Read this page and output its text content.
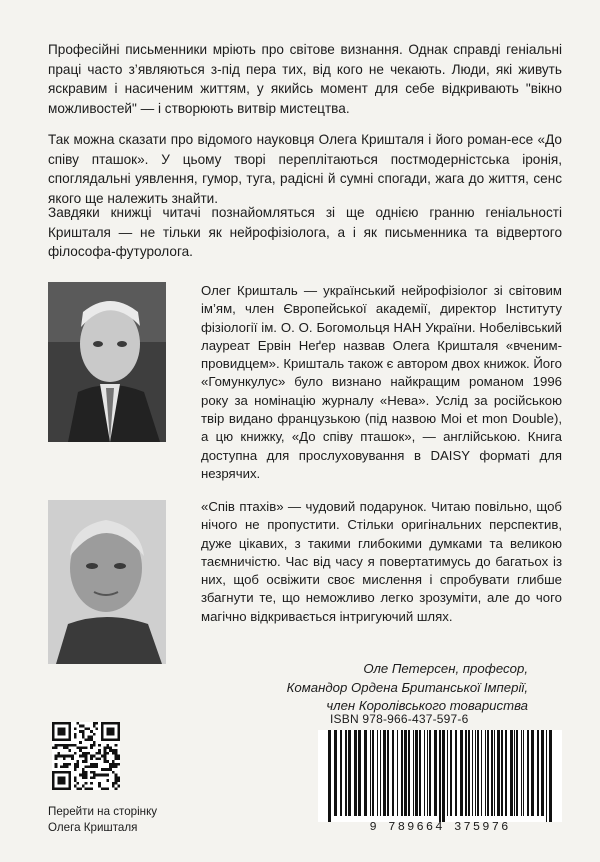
Професійні письменники мріють про світове визнання. Однак справді геніальні праці часто з’являються з-під пера тих, від кого не чекають. Люди, які живуть яскравим і насиченим життям, у якийсь момент для себе відкривають "вікно можливостей" — і створюють витвір мистецтва.

Так можна сказати про відомого науковця Олега Кришталя і його роман-есе «До співу пташок». У цьому творі переплітаються постмодерністська іронія, споглядальні уявлення, гумор, туга, радісні й сумні спогади, жага до життя, сенс якого ще належить знайти.

Завдяки книжці читачі познайомляться зі ще однією гранню геніальності Кришталя — не тільки як нейрофізіолога, а і як письменника та відвертого філософа-футуролога.

Олег Кришталь — український нейрофізіолог зі світовим ім’ям, член Європейської академії, директор Інституту фізіології ім. О. О. Богомольця НАН України. Нобелівський лауреат Ервін Неґер назвав Олега Кришталя «вченим-провидцем». Кришталь також є автором двох книжок. Його «Гомункулус» було визнано найкращим романом 1996 року за номінацію журналу «Нева». Услід за російською твір видано французькою (під назвою Moi et mon Double), а цю книжку, «До співу пташок», — англійською. Книга доступна для прослуховування в DAISY форматі для незрячих.

«Спів птахів» — чудовий подарунок. Читаю повільно, щоб нічого не пропустити. Стільки оригінальних перспектив, дуже цікавих, з такими глибокими думками та великою таємничістю. Час від часу я повертатимусь до багатьох із них, щоб освіжити своє мислення і спробувати глибше збагнути те, що неможливо легко зрозуміти, але до чого магічно відкривається інтригуючий шлях.

Оле Петерсен, професор,
Командор Ордена Британської Імперії,
член Королівського товариства
Перейти на сторінку
Олега Кришталя
ISBN 978-966-437-597-6
9 789664 375976
